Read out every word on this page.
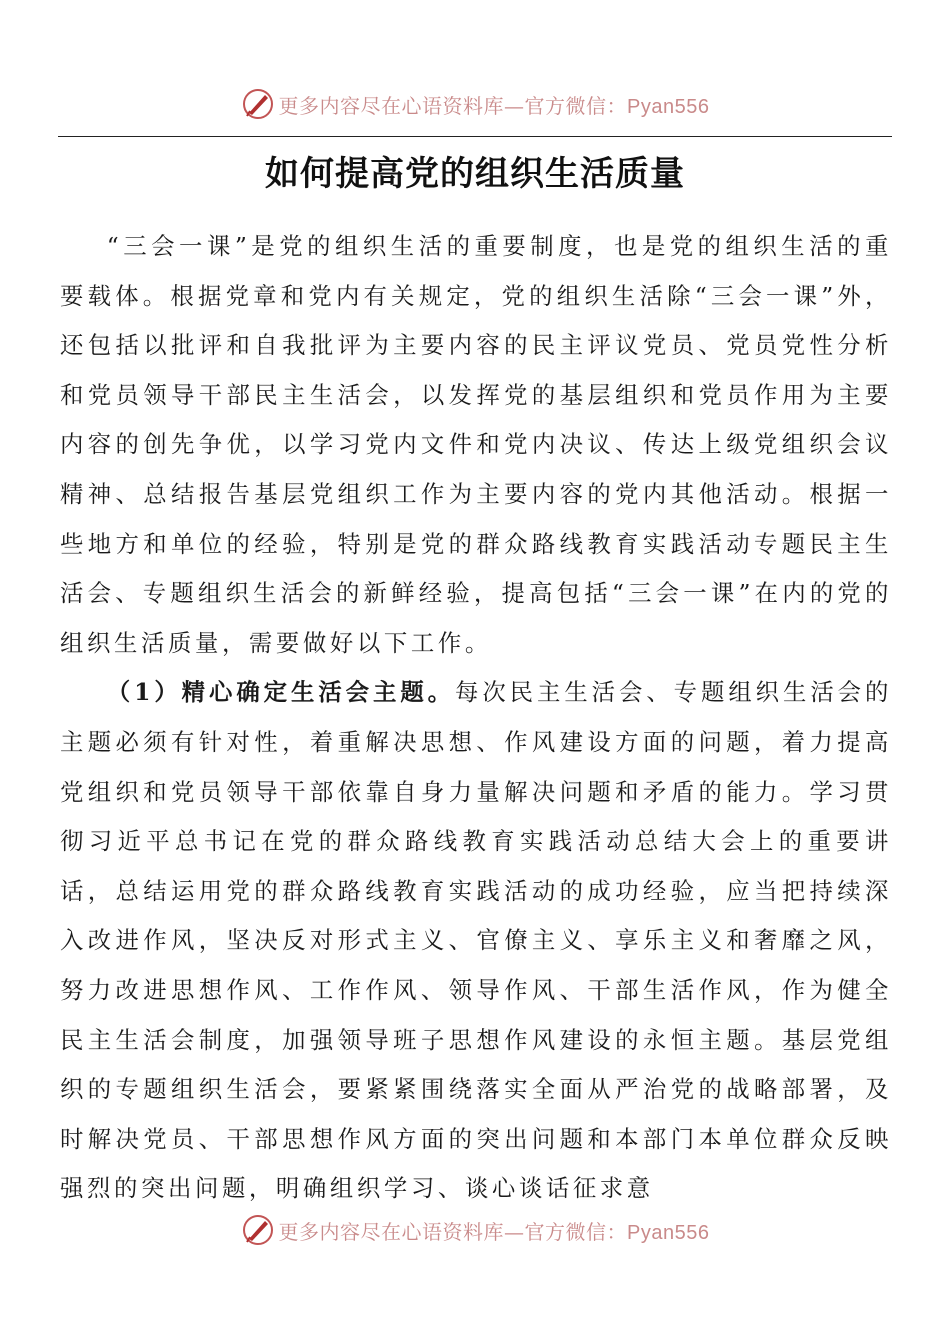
更多内容尽在心语资料库—官方微信：Pyan556
如何提高党的组织生活质量

“三会一课”是党的组织生活的重要制度，也是党的组织生活的重要载体。根据党章和党内有关规定，党的组织生活除“三会一课”外，还包括以批评和自我批评为主要内容的民主评议党员、党员党性分析和党员领导干部民主生活会，以发挥党的基层组织和党员作用为主要内容的创先争优，以学习党内文件和党内决议、传达上级党组织会议精神、总结报告基层党组织工作为主要内容的党内其他活动。根据一些地方和单位的经验，特别是党的群众路线教育实践活动专题民主生活会、专题组织生活会的新鲜经验，提高包括“三会一课”在内的党的组织生活质量，需要做好以下工作。

（1）精心确定生活会主题。每次民主生活会、专题组织生活会的主题必须有针对性，着重解决思想、作风建设方面的问题，着力提高党组织和党员领导干部依靠自身力量解决问题和矛盾的能力。学习贯彻习近平总书记在党的群众路线教育实践活动总结大会上的重要讲话，总结运用党的群众路线教育实践活动的成功经验，应当把持续深入改进作风，坚决反对形式主义、官僚主义、享乐主义和奢靡之风，努力改进思想作风、工作作风、领导作风、干部生活作风，作为健全民主生活会制度，加强领导班子思想作风建设的永恒主题。基层党组织的专题组织生活会，要紧紧围绕落实全面从严治党的战略部署，及时解决党员、干部思想作风方面的突出问题和本部门本单位群众反映强烈的突出问题，明确组织学习、谈心谈话征求意

更多内容尽在心语资料库—官方微信：Pyan556
